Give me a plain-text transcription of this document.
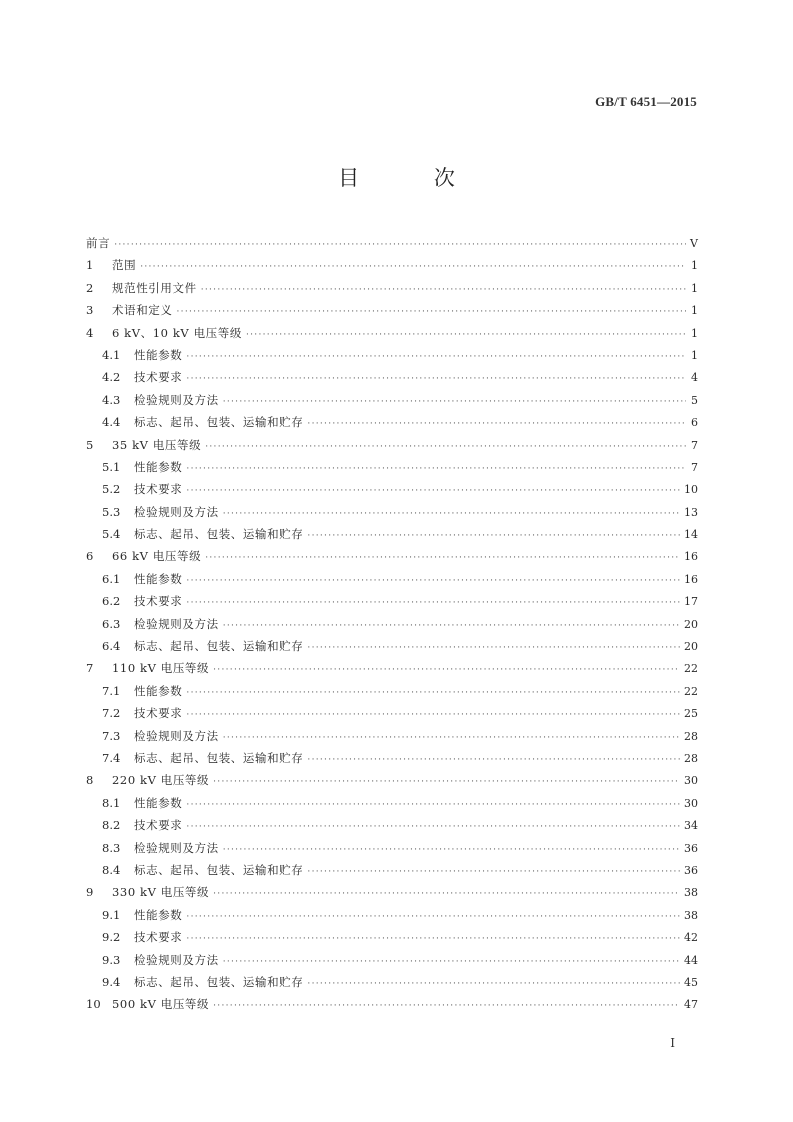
GB/T 6451—2015
目 次
前言 ·····	V
1	范围 ·····	1
2	规范性引用文件 ·····	1
3	术语和定义 ·····	1
4	6 kV、10 kV 电压等级 ·····	1
4.1	性能参数 ·····	1
4.2	技术要求 ·····	4
4.3	检验规则及方法 ·····	5
4.4	标志、起吊、包装、运输和贮存 ·····	6
5	35 kV 电压等级 ·····	7
5.1	性能参数 ·····	7
5.2	技术要求 ·····	10
5.3	检验规则及方法 ·····	13
5.4	标志、起吊、包装、运输和贮存 ·····	14
6	66 kV 电压等级 ·····	16
6.1	性能参数 ·····	16
6.2	技术要求 ·····	17
6.3	检验规则及方法 ·····	20
6.4	标志、起吊、包装、运输和贮存 ·····	20
7	110 kV 电压等级 ·····	22
7.1	性能参数 ·····	22
7.2	技术要求 ·····	25
7.3	检验规则及方法 ·····	28
7.4	标志、起吊、包装、运输和贮存 ·····	28
8	220 kV 电压等级 ·····	30
8.1	性能参数 ·····	30
8.2	技术要求 ·····	34
8.3	检验规则及方法 ·····	36
8.4	标志、起吊、包装、运输和贮存 ·····	36
9	330 kV 电压等级 ·····	38
9.1	性能参数 ·····	38
9.2	技术要求 ·····	42
9.3	检验规则及方法 ·····	44
9.4	标志、起吊、包装、运输和贮存 ·····	45
10 500 kV 电压等级 ·····	47
I
